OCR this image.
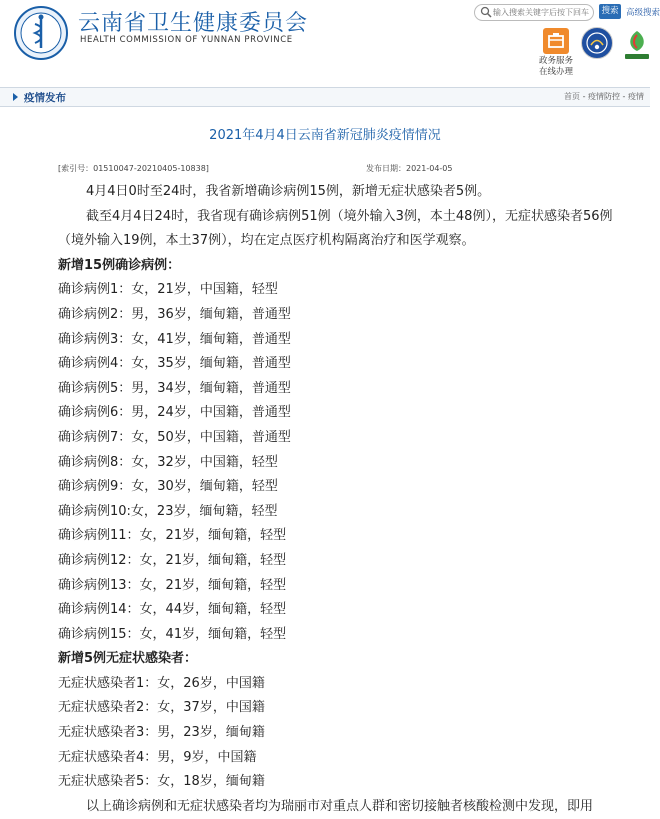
云南省卫生健康委员会
HEALTH COMMISSION OF YUNNAN PROVINCE
输入搜索关键字后按下回车
搜索 高级搜索
政务服务
在线办理
疫情发布	首页 - 疫情防控 - 疫情
2021年4月4日云南省新冠肺炎疫情情况
[索引号：01510047-20210405-10838]	发布日期：2021-04-05

4月4日0时至24时，我省新增确诊病例15例，新增无症状感染者5例。

截至4月4日24时，我省现有确诊病例51例（境外输入3例，本土48例），无症状感染者56例（境外输入19例，本土37例），均在定点医疗机构隔离治疗和医学观察。

新增15例确诊病例：

确诊病例1：女，21岁，中国籍，轻型

确诊病例2：男，36岁，缅甸籍，普通型

确诊病例3：女，41岁，缅甸籍，普通型

确诊病例4：女，35岁，缅甸籍，普通型

确诊病例5：男，34岁，缅甸籍，普通型

确诊病例6：男，24岁，中国籍，普通型

确诊病例7：女，50岁，中国籍，普通型

确诊病例8：女，32岁，中国籍，轻型

确诊病例9：女，30岁，缅甸籍，轻型

确诊病例10:女，23岁，缅甸籍，轻型

确诊病例11：女，21岁，缅甸籍，轻型

确诊病例12：女，21岁，缅甸籍，轻型

确诊病例13：女，21岁，缅甸籍，轻型

确诊病例14：女，44岁，缅甸籍，轻型

确诊病例15：女，41岁，缅甸籍，轻型

新增5例无症状感染者：

无症状感染者1：女，26岁，中国籍

无症状感染者2：女，37岁，中国籍

无症状感染者3：男，23岁，缅甸籍

无症状感染者4：男，9岁，中国籍

无症状感染者5：女，18岁，缅甸籍

以上确诊病例和无症状感染者均为瑞丽市对重点人群和密切接触者核酸检测中发现，即用
